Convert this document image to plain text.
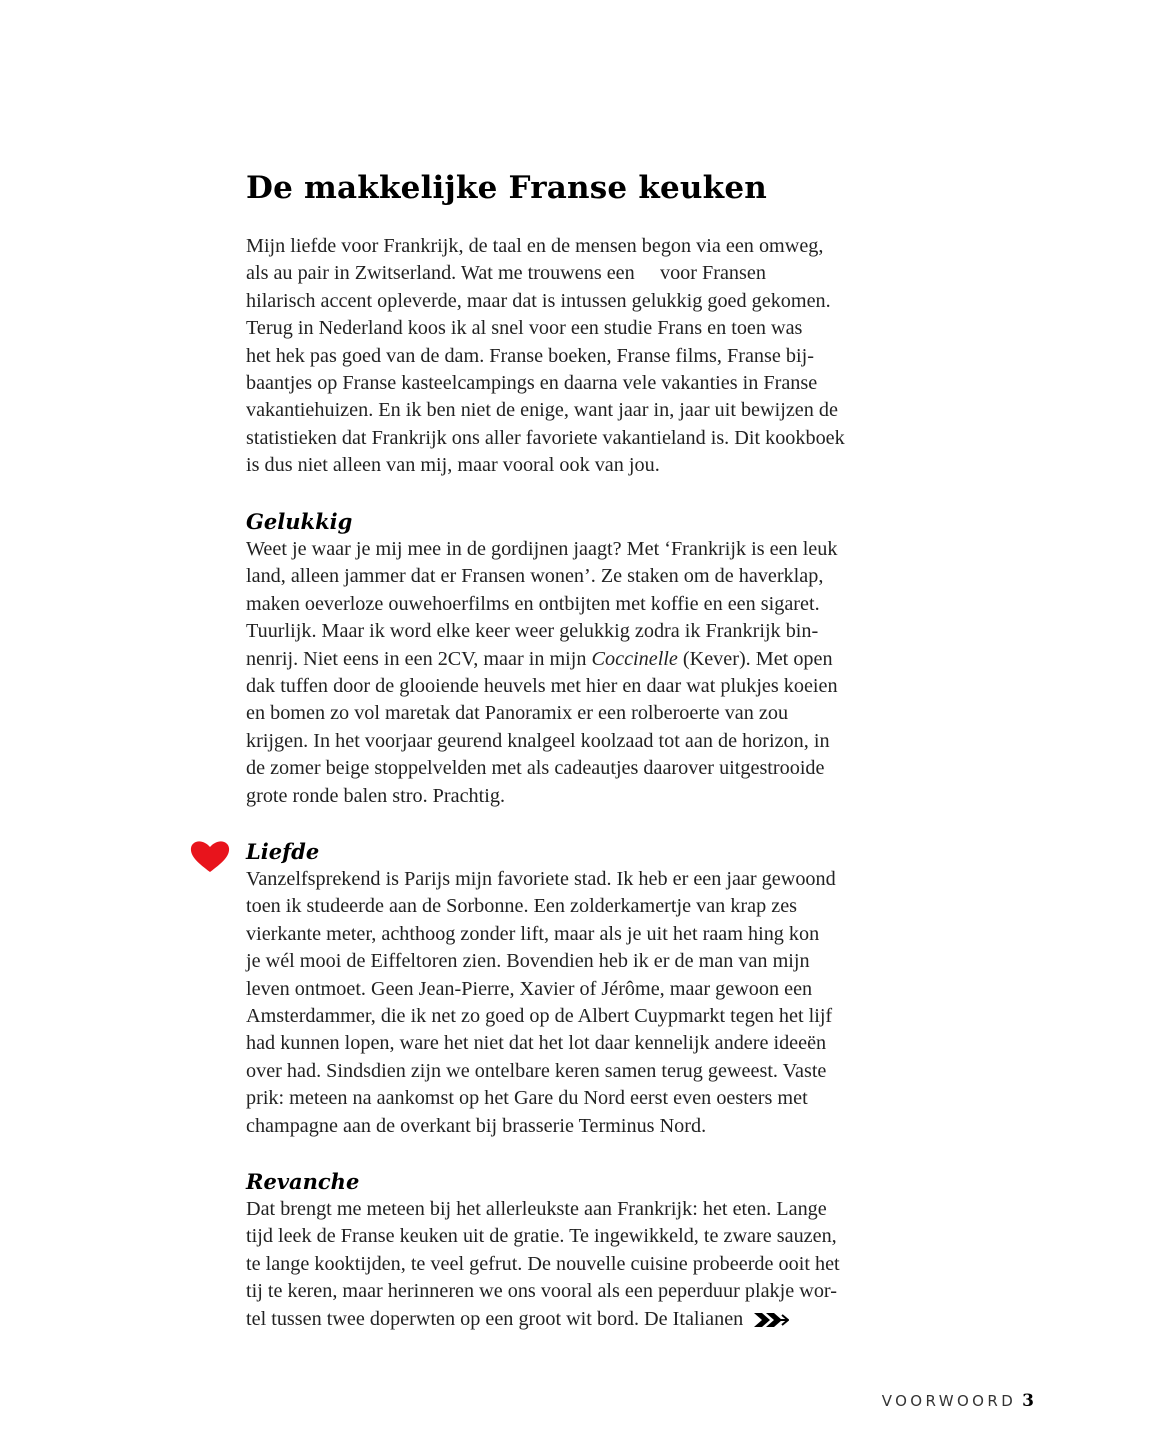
De makkelijke Franse keuken

Mijn liefde voor Frankrijk, de taal en de mensen begon via een omweg,
als au pair in Zwitserland. Wat me trouwens een     voor Fransen
hilarisch accent opleverde, maar dat is intussen gelukkig goed gekomen.
Terug in Nederland koos ik al snel voor een studie Frans en toen was
het hek pas goed van de dam. Franse boeken, Franse films, Franse bij-
baantjes op Franse kasteelcampings en daarna vele vakanties in Franse
vakantiehuizen. En ik ben niet de enige, want jaar in, jaar uit bewijzen de
statistieken dat Frankrijk ons aller favoriete vakantieland is. Dit kookboek
is dus niet alleen van mij, maar vooral ook van jou.

Gelukkig

Weet je waar je mij mee in de gordijnen jaagt? Met ‘Frankrijk is een leuk
land, alleen jammer dat er Fransen wonen’. Ze staken om de haverklap,
maken oeverloze ouwehoerfilms en ontbijten met koffie en een sigaret.
Tuurlijk. Maar ik word elke keer weer gelukkig zodra ik Frankrijk bin-
nenrij. Niet eens in een 2CV, maar in mijn Coccinelle (Kever). Met open
dak tuffen door de glooiende heuvels met hier en daar wat plukjes koeien
en bomen zo vol maretak dat Panoramix er een rolberoerte van zou
krijgen. In het voorjaar geurend knalgeel koolzaad tot aan de horizon, in
de zomer beige stoppelvelden met als cadeautjes daarover uitgestrooide
grote ronde balen stro. Prachtig.

Liefde

Vanzelfsprekend is Parijs mijn favoriete stad. Ik heb er een jaar gewoond
toen ik studeerde aan de Sorbonne. Een zolderkamertje van krap zes
vierkante meter, achthoog zonder lift, maar als je uit het raam hing kon
je wél mooi de Eiffeltoren zien. Bovendien heb ik er de man van mijn
leven ontmoet. Geen Jean-Pierre, Xavier of Jérôme, maar gewoon een
Amsterdammer, die ik net zo goed op de Albert Cuypmarkt tegen het lijf
had kunnen lopen, ware het niet dat het lot daar kennelijk andere ideeën
over had. Sindsdien zijn we ontelbare keren samen terug geweest. Vaste
prik: meteen na aankomst op het Gare du Nord eerst even oesters met
champagne aan de overkant bij brasserie Terminus Nord.

Revanche

Dat brengt me meteen bij het allerleukste aan Frankrijk: het eten. Lange
tijd leek de Franse keuken uit de gratie. Te ingewikkeld, te zware sauzen,
te lange kooktijden, te veel gefrut. De nouvelle cuisine probeerde ooit het
tij te keren, maar herinneren we ons vooral als een peperduur plakje wor-
tel tussen twee doperwten op een groot wit bord. De Italianen

VOORWOORD 3
